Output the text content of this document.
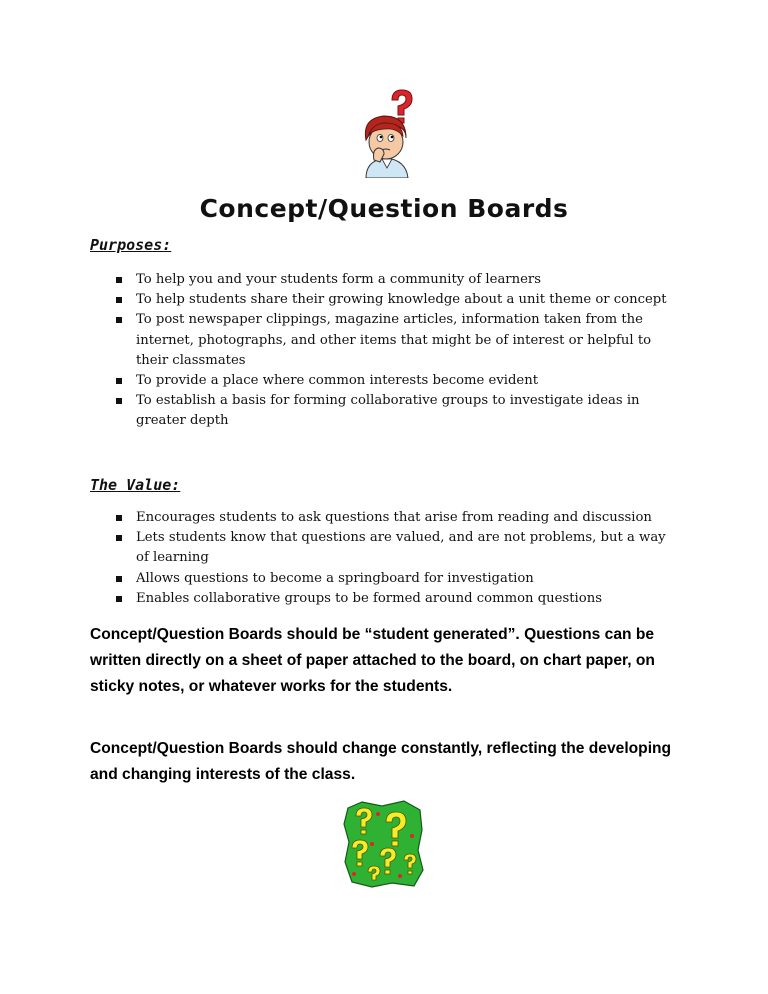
Concept/Question Boards
Purposes:
To help you and your students form a community of learners
To help students share their growing knowledge about a unit theme or concept
To post newspaper clippings, magazine articles, information taken from the internet, photographs, and other items that might be of interest or helpful to their classmates
To provide a place where common interests become evident
To establish a basis for forming collaborative groups to investigate ideas in greater depth
The Value:
Encourages students to ask questions that arise from reading and discussion
Lets students know that questions are valued, and are not problems, but a way of learning
Allows questions to become a springboard for investigation
Enables collaborative groups to be formed around common questions
Concept/Question Boards should be “student generated”. Questions can be written directly on a sheet of paper attached to the board, on chart paper, on sticky notes, or whatever works for the students.
Concept/Question Boards should change constantly, reflecting the developing and changing interests of the class.
